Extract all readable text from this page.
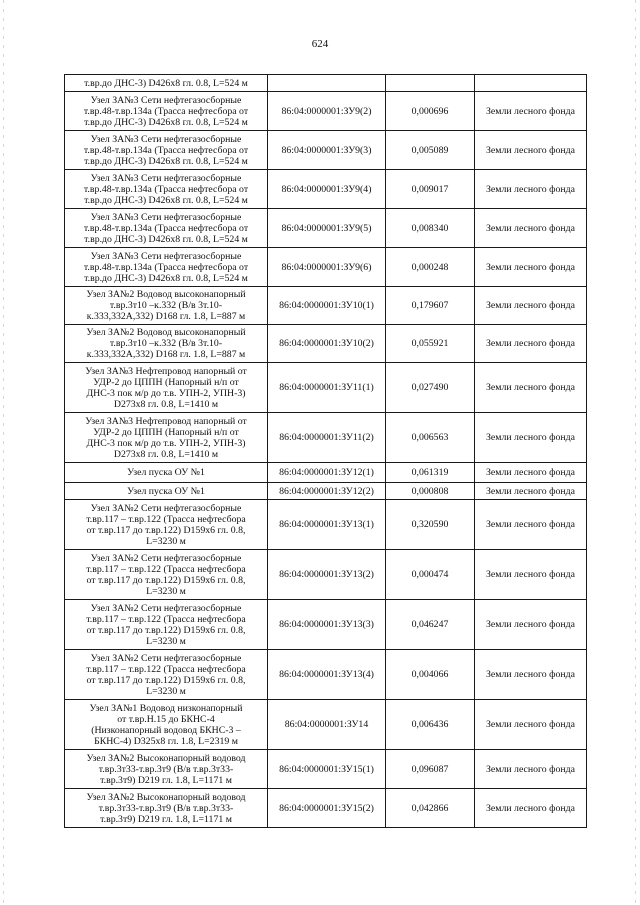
624
т.вр.до ДНС-3) D426х8 гл. 0.8, L=524 м			

Узел ЗА№3 Сети нефтегазосборные
т.вр.48-т.вр.134а (Трасса нефтесбора от
т.вр.до ДНС-3) D426х8 гл. 0.8, L=524 м	86:04:0000001:ЗУ9(2)	0,000696	Земли лесного фонда

Узел ЗА№3 Сети нефтегазосборные
т.вр.48-т.вр.134а (Трасса нефтесбора от
т.вр.до ДНС-3) D426х8 гл. 0.8, L=524 м	86:04:0000001:ЗУ9(3)	0,005089	Земли лесного фонда

Узел ЗА№3 Сети нефтегазосборные
т.вр.48-т.вр.134а (Трасса нефтесбора от
т.вр.до ДНС-3) D426х8 гл. 0.8, L=524 м	86:04:0000001:ЗУ9(4)	0,009017	Земли лесного фонда

Узел ЗА№3 Сети нефтегазосборные
т.вр.48-т.вр.134а (Трасса нефтесбора от
т.вр.до ДНС-3) D426х8 гл. 0.8, L=524 м	86:04:0000001:ЗУ9(5)	0,008340	Земли лесного фонда

Узел ЗА№3 Сети нефтегазосборные
т.вр.48-т.вр.134а (Трасса нефтесбора от
т.вр.до ДНС-3) D426х8 гл. 0.8, L=524 м	86:04:0000001:ЗУ9(6)	0,000248	Земли лесного фонда

Узел ЗА№2 Водовод высоконапорный
т.вр.3т10 –к.332 (В/в 3т.10-
к.333,332А,332) D168 гл. 1.8, L=887 м	86:04:0000001:ЗУ10(1)	0,179607	Земли лесного фонда

Узел ЗА№2 Водовод высоконапорный
т.вр.3т10 –к.332 (В/в 3т.10-
к.333,332А,332) D168 гл. 1.8, L=887 м	86:04:0000001:ЗУ10(2)	0,055921	Земли лесного фонда

Узел ЗА№3 Нефтепровод напорный от
УДР-2 до ЦППН (Напорный н/п от
ДНС-3 пок м/р до т.в. УПН-2, УПН-3)
D273х8 гл. 0.8, L=1410 м	86:04:0000001:ЗУ11(1)	0,027490	Земли лесного фонда

Узел ЗА№3 Нефтепровод напорный от
УДР-2 до ЦППН (Напорный н/п от
ДНС-3 пок м/р до т.в. УПН-2, УПН-3)
D273х8 гл. 0.8, L=1410 м	86:04:0000001:ЗУ11(2)	0,006563	Земли лесного фонда

Узел пуска ОУ №1	86:04:0000001:ЗУ12(1)	0,061319	Земли лесного фонда

Узел пуска ОУ №1	86:04:0000001:ЗУ12(2)	0,000808	Земли лесного фонда

Узел ЗА№2 Сети нефтегазосборные
т.вр.117 – т.вр.122 (Трасса нефтесбора
от т.вр.117 до т.вр.122) D159х6 гл. 0.8,
L=3230 м	86:04:0000001:ЗУ13(1)	0,320590	Земли лесного фонда

Узел ЗА№2 Сети нефтегазосборные
т.вр.117 – т.вр.122 (Трасса нефтесбора
от т.вр.117 до т.вр.122) D159х6 гл. 0.8,
L=3230 м	86:04:0000001:ЗУ13(2)	0,000474	Земли лесного фонда

Узел ЗА№2 Сети нефтегазосборные
т.вр.117 – т.вр.122 (Трасса нефтесбора
от т.вр.117 до т.вр.122) D159х6 гл. 0.8,
L=3230 м	86:04:0000001:ЗУ13(3)	0,046247	Земли лесного фонда

Узел ЗА№2 Сети нефтегазосборные
т.вр.117 – т.вр.122 (Трасса нефтесбора
от т.вр.117 до т.вр.122) D159х6 гл. 0.8,
L=3230 м	86:04:0000001:ЗУ13(4)	0,004066	Земли лесного фонда

Узел ЗА№1 Водовод низконапорный
от т.вр.Н.15 до БКНС-4
(Низконапорный водовод БКНС-3 –
БКНС-4) D325х8 гл. 1.8, L=2319 м	86:04:0000001:ЗУ14	0,006436	Земли лесного фонда

Узел ЗА№2 Высоконапорный водовод
т.вр.3т33-т.вр.3т9 (В/в т.вр.3т33-
т.вр.3т9) D219 гл. 1.8, L=1171 м	86:04:0000001:ЗУ15(1)	0,096087	Земли лесного фонда

Узел ЗА№2 Высоконапорный водовод
т.вр.3т33-т.вр.3т9 (В/в т.вр.3т33-
т.вр.3т9) D219 гл. 1.8, L=1171 м	86:04:0000001:ЗУ15(2)	0,042866	Земли лесного фонда
